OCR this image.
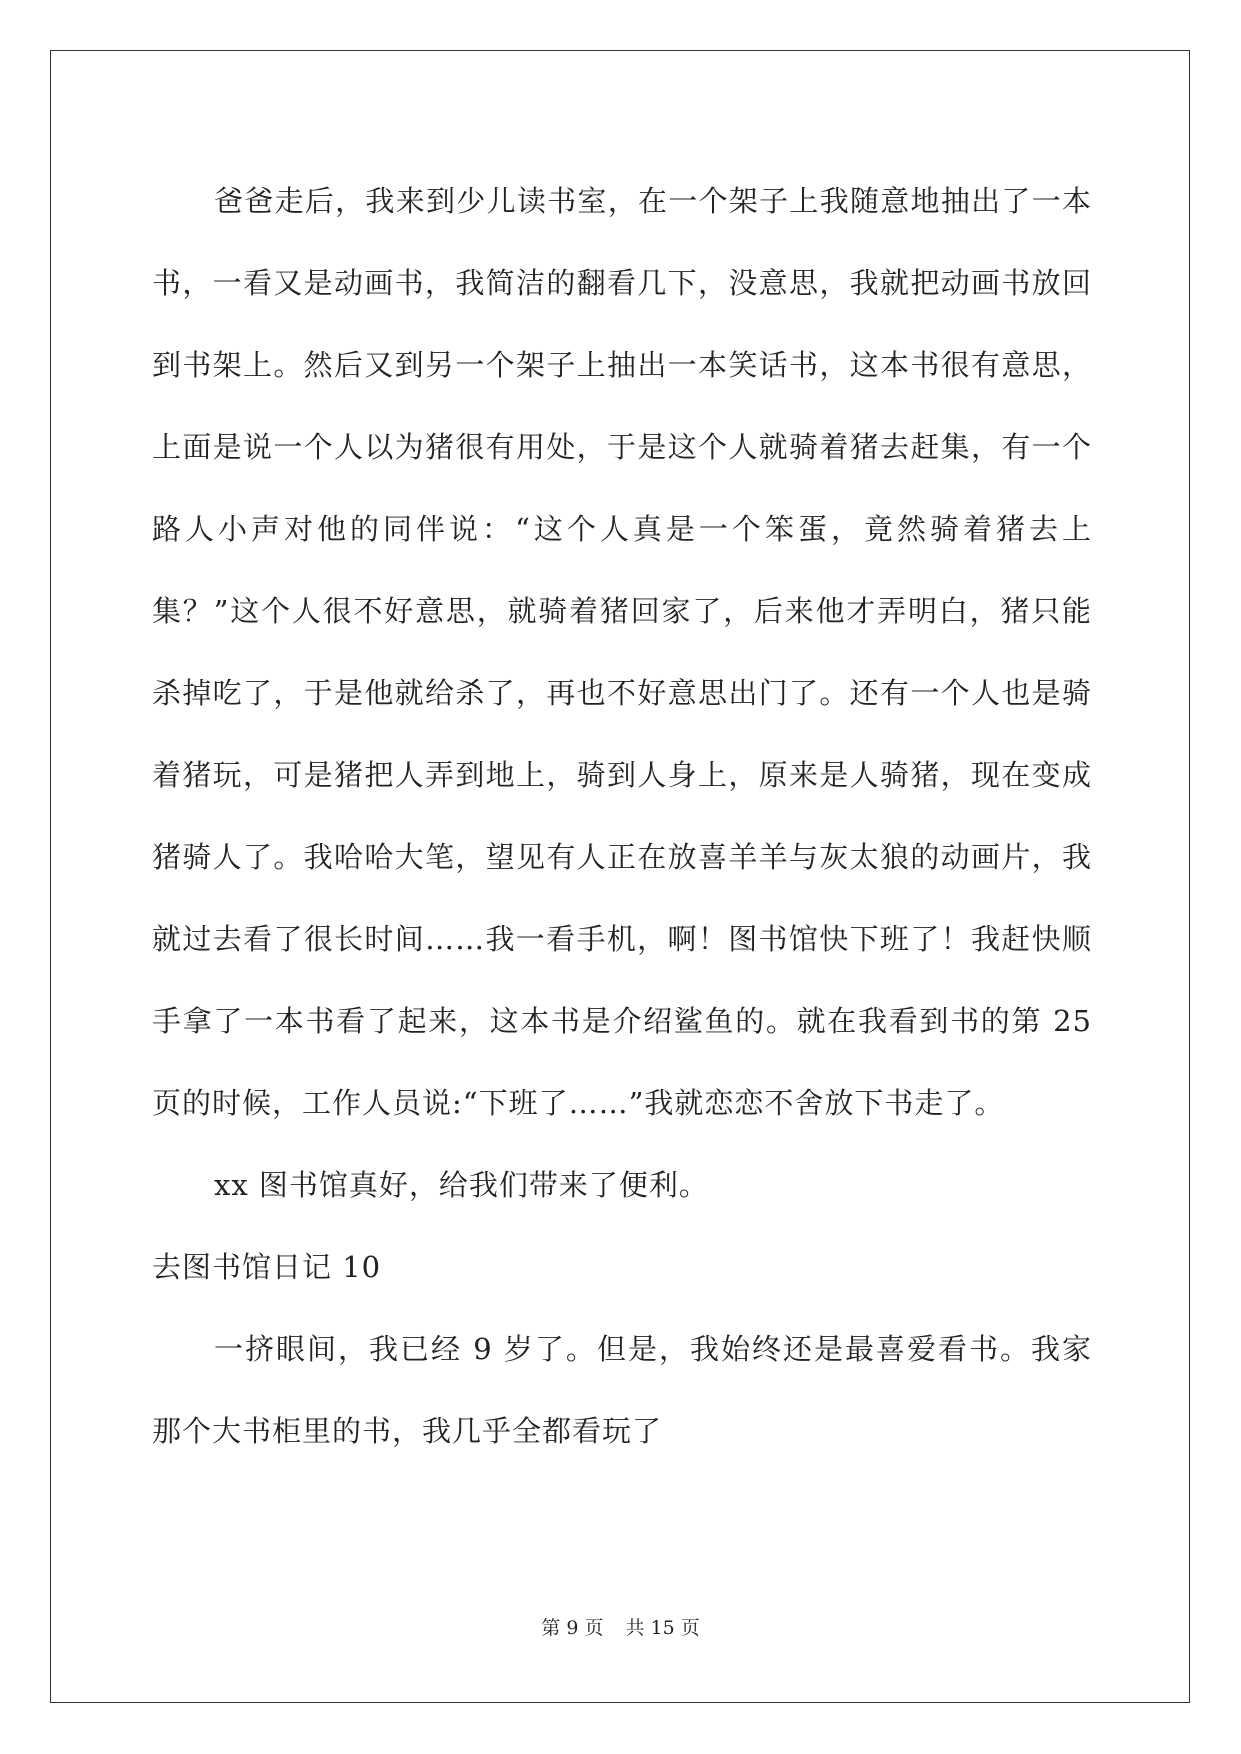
爸爸走后，我来到少儿读书室，在一个架子上我随意地抽出了一本书，一看又是动画书，我简洁的翻看几下，没意思，我就把动画书放回到书架上。然后又到另一个架子上抽出一本笑话书，这本书很有意思，上面是说一个人以为猪很有用处，于是这个人就骑着猪去赶集，有一个路人小声对他的同伴说：“这个人真是一个笨蛋，竟然骑着猪去上集？”这个人很不好意思，就骑着猪回家了，后来他才弄明白，猪只能杀掉吃了，于是他就给杀了，再也不好意思出门了。还有一个人也是骑着猪玩，可是猪把人弄到地上，骑到人身上，原来是人骑猪，现在变成猪骑人了。我哈哈大笔，望见有人正在放喜羊羊与灰太狼的动画片，我就过去看了很长时间……我一看手机，啊！图书馆快下班了！我赶快顺手拿了一本书看了起来，这本书是介绍鲨鱼的。就在我看到书的第 25 页的时候，工作人员说:“下班了……”我就恋恋不舍放下书走了。

xx 图书馆真好，给我们带来了便利。

去图书馆日记 10

一挤眼间，我已经 9 岁了。但是，我始终还是最喜爱看书。我家那个大书柜里的书，我几乎全都看玩了

第 9 页 共 15 页
